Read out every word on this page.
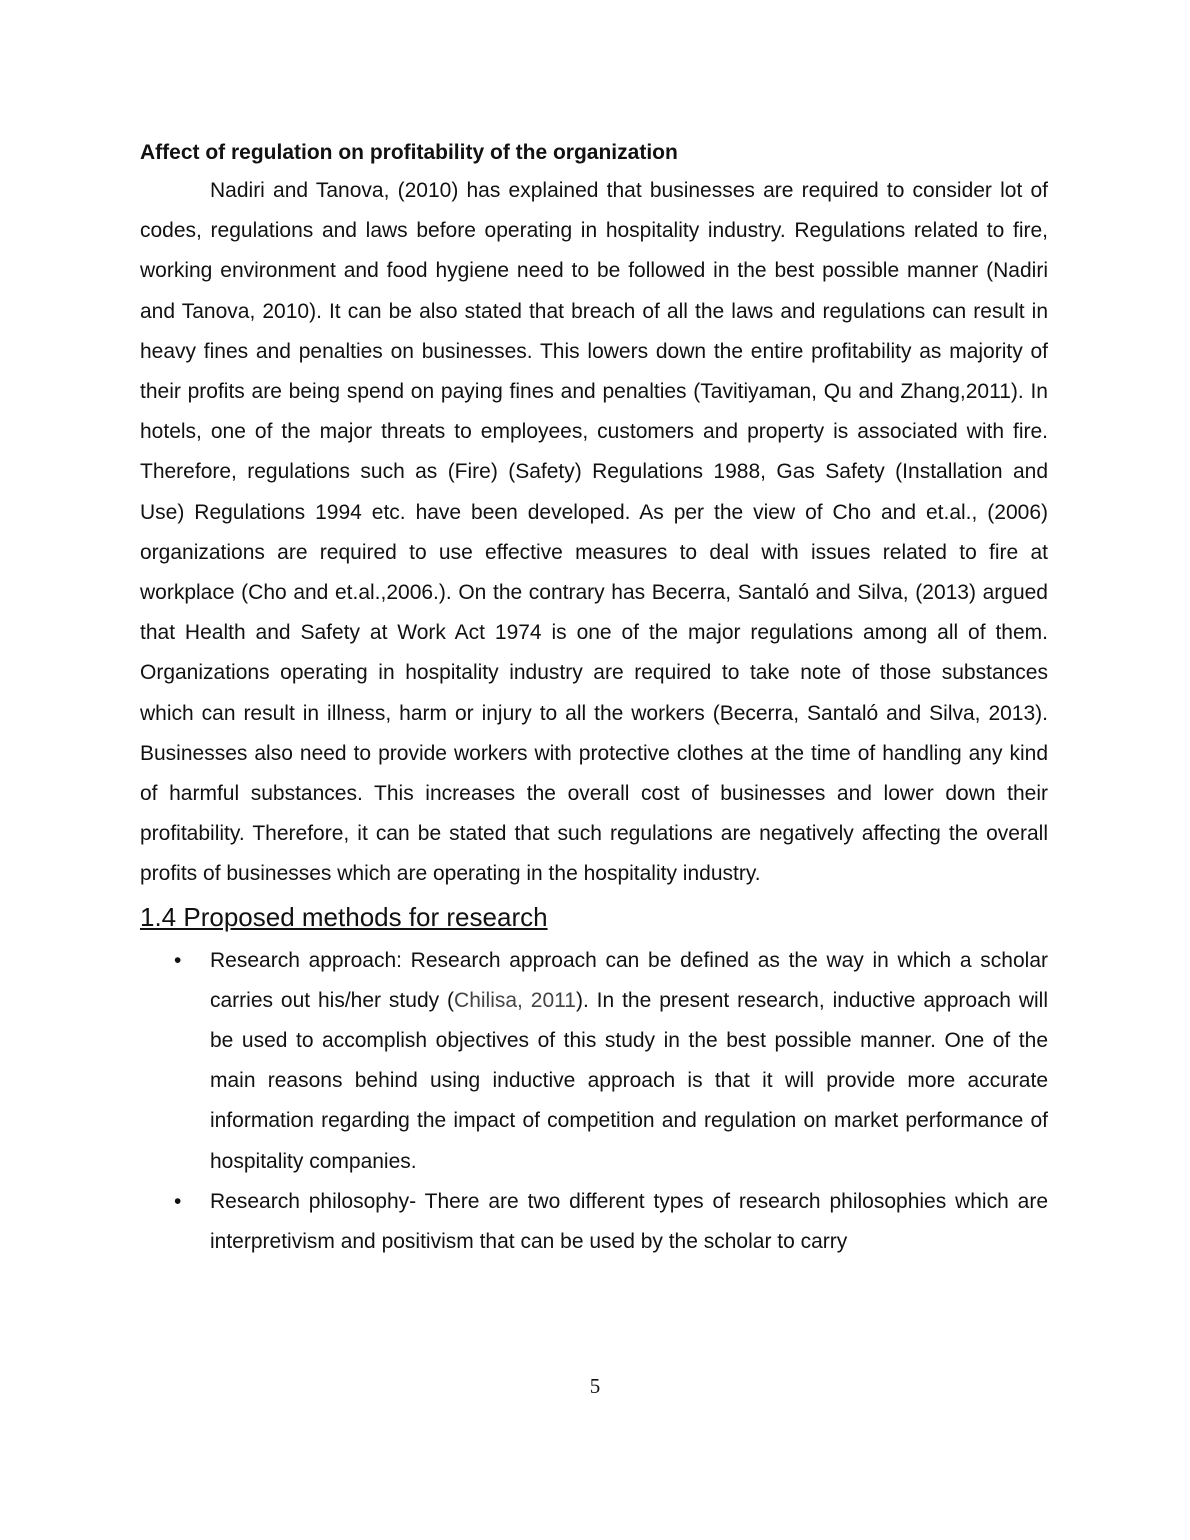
Affect of regulation on profitability of the organization

Nadiri and Tanova, (2010) has explained that businesses are required to consider lot of codes, regulations and laws before operating in hospitality industry. Regulations related to fire, working environment and food hygiene need to be followed in the best possible manner (Nadiri and Tanova, 2010). It can be also stated that breach of all the laws and regulations can result in heavy fines and penalties on businesses. This lowers down the entire profitability as majority of their profits are being spend on paying fines and penalties (Tavitiyaman, Qu and Zhang,2011). In hotels, one of the major threats to employees, customers and property is associated with fire. Therefore, regulations such as (Fire) (Safety) Regulations 1988, Gas Safety (Installation and Use) Regulations 1994 etc. have been developed. As per the view of Cho and et.al., (2006) organizations are required to use effective measures to deal with issues related to fire at workplace (Cho and et.al.,2006.). On the contrary has Becerra, Santaló and Silva, (2013) argued that Health and Safety at Work Act 1974 is one of the major regulations among all of them. Organizations operating in hospitality industry are required to take note of those substances which can result in illness, harm or injury to all the workers (Becerra, Santaló and Silva, 2013). Businesses also need to provide workers with protective clothes at the time of handling any kind of harmful substances. This increases the overall cost of businesses and lower down their profitability. Therefore, it can be stated that such regulations are negatively affecting the overall profits of businesses which are operating in the hospitality industry.

1.4 Proposed methods for research
• Research approach: Research approach can be defined as the way in which a scholar carries out his/her study (Chilisa, 2011). In the present research, inductive approach will be used to accomplish objectives of this study in the best possible manner. One of the main reasons behind using inductive approach is that it will provide more accurate information regarding the impact of competition and regulation on market performance of hospitality companies.
• Research philosophy- There are two different types of research philosophies which are interpretivism and positivism that can be used by the scholar to carry
5
